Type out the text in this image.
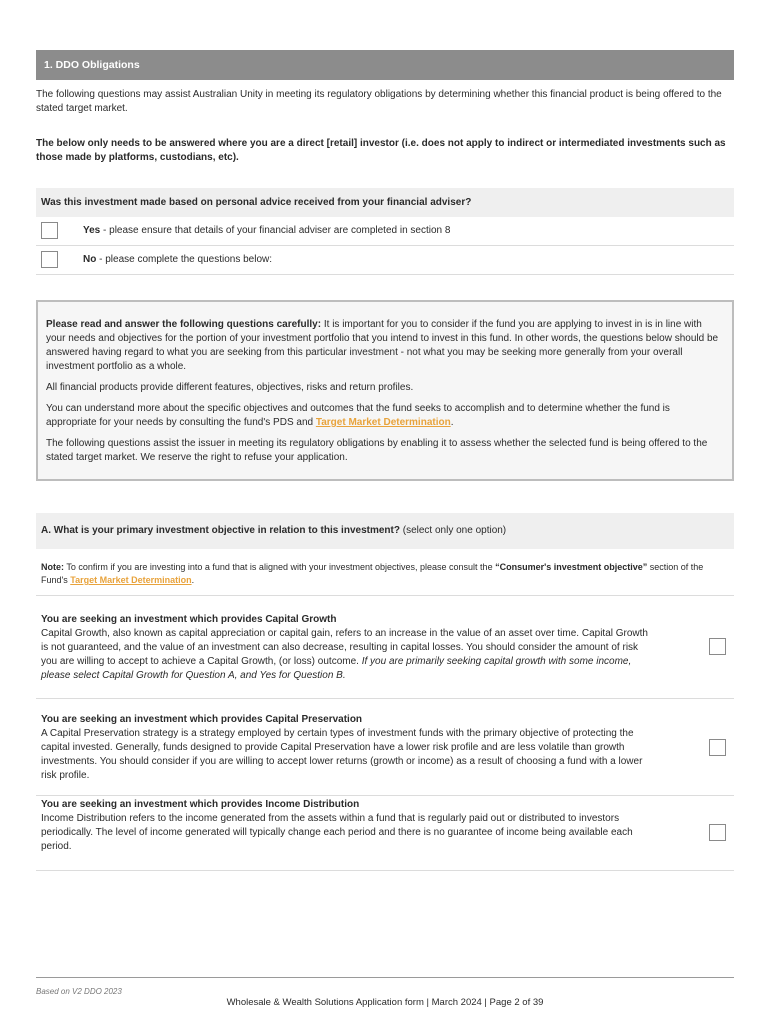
1. DDO Obligations
The following questions may assist Australian Unity in meeting its regulatory obligations by determining whether this financial product is being offered to the stated target market.
The below only needs to be answered where you are a direct [retail] investor (i.e. does not apply to indirect or intermediated investments such as those made by platforms, custodians, etc).
Was this investment made based on personal advice received from your financial adviser?
Yes - please ensure that details of your financial adviser are completed in section 8
No - please complete the questions below:

Please read and answer the following questions carefully: It is important for you to consider if the fund you are applying to invest in is in line with your needs and objectives for the portion of your investment portfolio that you intend to invest in this fund. In other words, the questions below should be answered having regard to what you are seeking from this particular investment - not what you may be seeking more generally from your overall investment portfolio as a whole.

All financial products provide different features, objectives, risks and return profiles.

You can understand more about the specific objectives and outcomes that the fund seeks to accomplish and to determine whether the fund is appropriate for your needs by consulting the fund's PDS and Target Market Determination.

The following questions assist the issuer in meeting its regulatory obligations by enabling it to assess whether the selected fund is being offered to the stated target market. We reserve the right to refuse your application.

A. What is your primary investment objective in relation to this investment? (select only one option)
Note: To confirm if you are investing into a fund that is aligned with your investment objectives, please consult the “Consumer's investment objective” section of the Fund's Target Market Determination.
You are seeking an investment which provides Capital Growth
Capital Growth, also known as capital appreciation or capital gain, refers to an increase in the value of an asset over time. Capital Growth is not guaranteed, and the value of an investment can also decrease, resulting in capital losses. You should consider the amount of risk you are willing to accept to achieve a Capital Growth, (or loss) outcome. If you are primarily seeking capital growth with some income, please select Capital Growth for Question A, and Yes for Question B.
You are seeking an investment which provides Capital Preservation
A Capital Preservation strategy is a strategy employed by certain types of investment funds with the primary objective of protecting the capital invested. Generally, funds designed to provide Capital Preservation have a lower risk profile and are less volatile than growth investments. You should consider if you are willing to accept lower returns (growth or income) as a result of choosing a fund with a lower risk profile.
You are seeking an investment which provides Income Distribution
Income Distribution refers to the income generated from the assets within a fund that is regularly paid out or distributed to investors periodically. The level of income generated will typically change each period and there is no guarantee of income being available each period.
Based on V2 DDO 2023
Wholesale & Wealth Solutions Application form | March 2024 | Page 2 of 39
